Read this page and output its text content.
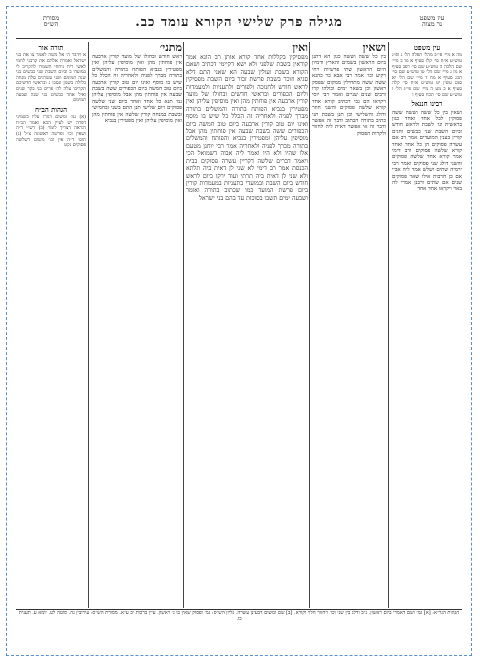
עין משפט
נר מצוה
מגילה פרק שלישי הקורא עומד כב.
מסורת
הש״ס
עין משפט
מה א מיי׳ פי״ב מהל׳ תפלה הל׳ ג ופ״ג טוש״ע א״ח סי׳ קלז סעיף א מו ב מיי׳ שם הלכה ה טוש״ע שם סי׳ רפב סעיף א מז ג מיי׳ שם הל׳ טו טוש״ע שם סי׳ תכג סעיף א מח ד מיי׳ שם הל׳ יא סמג עשין יט טוש״ע א״ח סי׳ קלה סעיף א ב מט ה מיי׳ שם פי״ג הל׳ ז טוש״ע שם סי׳ תכח סעיף ו
רבינו חננאל
ושאין בין כל ששה וששה ששה פסוקין לכל אחד ואחד כגון בראשית וגו׳ לשבת ולראש חודש וביום השבת שני כבשים וחגים קורין בענין המועדים אמר רב אם עשרה פסוקים הן כל אחד ואחד קורא שלשה פסוקים ורב דימי אמר קורא אחד שלשה פסוקים והשני דולג שני פסוקים ואמר רבי ירמיה שתים ושלש אמר ליה אביי אם כן חרבות אילו שאר פסוקים שנים אם שתים ורבנן אמרי לה באר ויקראו אחד אחד
ושאין
בין כל ששה וששה כגון הא דתנן ביום הראשון בשמים והארץ ודמיון היום הראשון שתי פרשיות ויחי רקיע וכו׳ אמר רבי אבא בר כהנא ששה ששה מתחילין ממקום שפסק ראשון וכן בשאר ימים וכולהו קרו ורבים שנים שניים ואמר רבי יוסי ויקראו הם גבי דכתיב קורא אחד קורא שלשה פסוקים והשני חוזר ודולג והשלישי וכן תנן בשבת תני כתיב בתורה הכתוב ודבר זה אפשר ודבר זה אי אפשר דאית ליה לחזור ולקרות הפסוק
ואין
מפסיקין בקללות אחד קורא אותן רב הונא אמר קוראין בשבת שלפני ולא ישא דקיימי דכתיב ושאם הקורא בשבת ועולין שבעה הא שאני התם דלא סגיא וזוכר בשבת פרשת זכור ביום השבת מפסיקין לראש חודש ולחנוכה ולפורים ולתעניות ולמעמדות וליום הכפורים ובראשי חדשים ובחולו של מועד קורין ארבעה אין פוחתין מהן ואין מוסיפין עליהן ואין מפטירין בנביא הפותח בתורה והמשלים בתורה מברך לפניה ולאחריה זה הכלל כל שיש בו מוסף ואינו יום טוב קורין ארבעה ביום טוב חמשה ביום הכפורים ששה בשבת שבעה אין פוחתין מהן אבל מוסיפין עליהן ומפטירין בנביא והפותח והמשלים בתורה מברך לפניה ולאחריה אמר רבי יוחנן מטעם אלו שהיו ולא היו ואמר ליה אבוה דשמואל הכי ויאמר דברים שלשה דקריין עשרה פסוקים בבית הכנסת אמר רב דימי לא שני לן דאית ביה תלתא ולא שני לן דאית ביה תרתי ועוד ירקו ביום לראש חודש ביום השבת ובמועדי בתעניות במעמדות קורין ביום פרשת המועד כמו שכתוב בתורה ואומר ושבעה ימים תשבו בסוכות עד בהם בני ישראל
מתני׳
ראש חודש ובחולו של מועד קורין ארבעה אין פוחתין מהן ואין מוסיפין עליהן ואין מפטירין בנביא הפותח בתורה והמשלים בתורה מברך לפניה ולאחריה זה הכלל כל שיש בו מוסף ואינו יום טוב קורין ארבעה ביום טוב חמשה ביום הכפורים ששה בשבת שבעה אין פוחתין מהן אבל מוסיפין עליהן גמ׳ תנא כל אחד ואחד ביום שני שלשה פסוקים ויום שלישי תנן התם בשני ובחמישי ובשבת במנחה קורין שלשה אין פוחתין מהן ואין מוסיפין עליהן ואין מפטירין בנביא
תורה אור
א וידבר ה׳ אל משה לאמר צו את בני ישראל ואמרת אלהם את קרבני לחמי לאשי ריח ניחחי תשמרו להקריב לי במועדו ב וביום השבת שני כבשים בני שנה תמימם ושני עשרנים סלת מנחה בלולה בשמן ונסכו ג ובראשי חדשיכם תקריבו עלה לה׳ פרים בני בקר שנים ואיל אחד כבשים בני שנה שבעה תמימם
הגהות הב״ח
(א) גמ׳ ומשום דגזרו עליו בשמיני דפרה יש לעיין הכא ואמר הב״ח דנראה דצריך לומר (ב) רש״י ד״ה ושאין וכו׳ ופרשה ראשונה צ״ל (ג) תוס׳ ד״ה אין וכו׳ משום דשלשה פסוקים נקט
הגהות הגר״א: [א] גמ׳ ושם דאמרי ביום ראשון. נ״ב ודלג בין שני וכו׳ ויחזור הלוי וקורא. [ב] שם ומשום דבעינן עשרה. גליון הש״ס: גמ׳ ופסוק שאין בו ג׳ ראשון. עיין ברכות יב ע״א. מסורת הש״ס: עירובין נה. סוטה לט. יומא ע. תענית כו.
